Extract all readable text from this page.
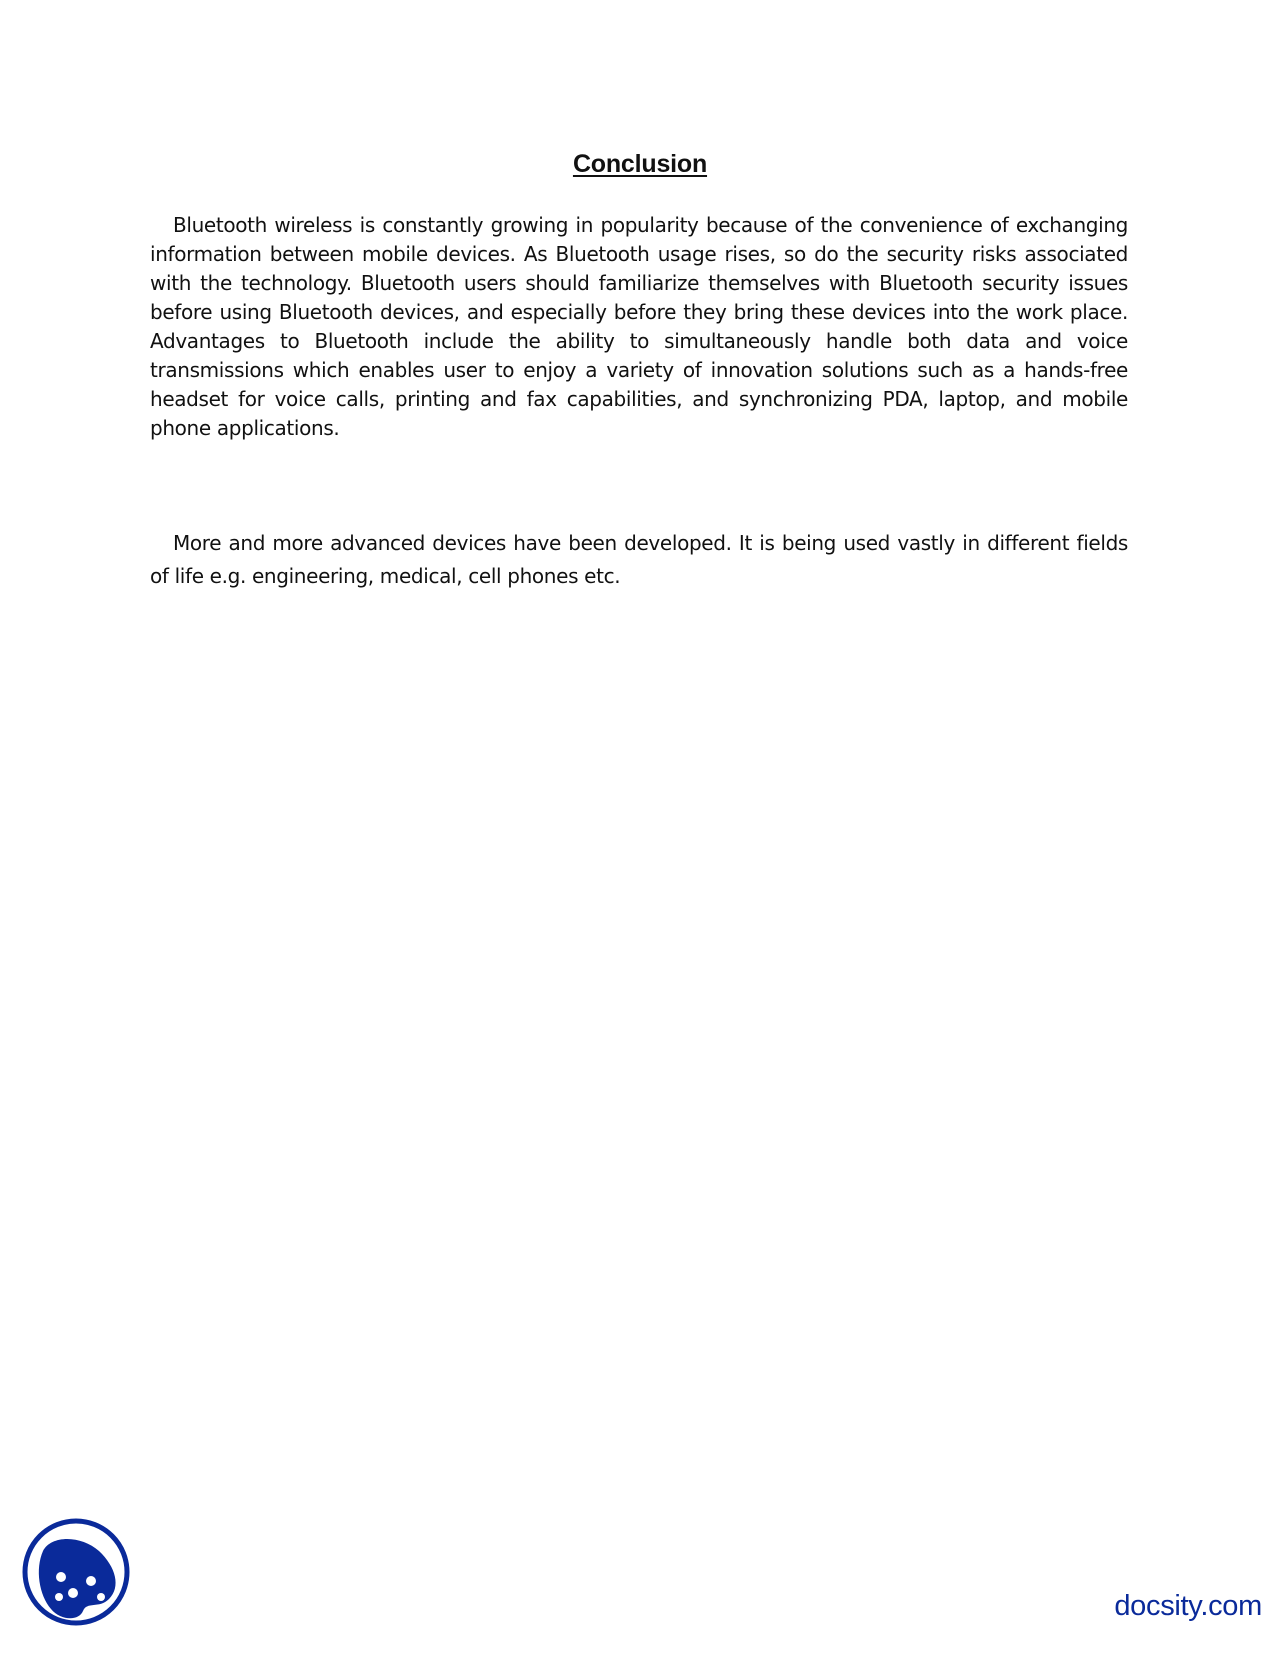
Conclusion

Bluetooth wireless is constantly growing in popularity because of the convenience of exchanging information between mobile devices. As Bluetooth usage rises, so do the security risks associated with the technology. Bluetooth users should familiarize themselves with Bluetooth security issues before using Bluetooth devices, and especially before they bring these devices into the work place. Advantages to Bluetooth include the ability to simultaneously handle both data and voice transmissions which enables user to enjoy a variety of innovation solutions such as a hands-free headset for voice calls, printing and fax capabilities, and synchronizing PDA, laptop, and mobile phone applications.

More and more advanced devices have been developed. It is being used vastly in different fields of life e.g. engineering, medical, cell phones etc.

docsity.com
